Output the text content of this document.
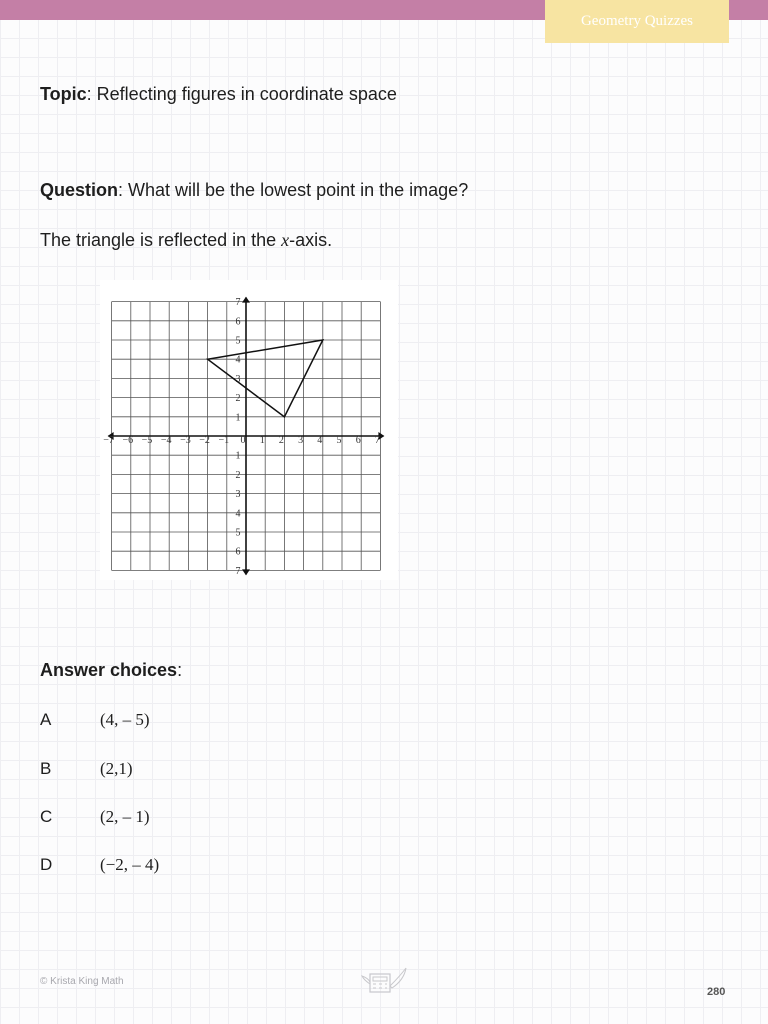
Geometry Quizzes
Topic: Reflecting figures in coordinate space
Question: What will be the lowest point in the image?
The triangle is reflected in the x-axis.
−7 −6 −5 −4 −3 −2 −1 0 1 2 3 4 5 6 7
7
6
5
4
3
2
1
1
2
3
4
5
6
7
Answer choices:
A	(4, – 5)
B	(2,1)
C	(2, – 1)
D	(−2, – 4)
© Krista King Math
280
